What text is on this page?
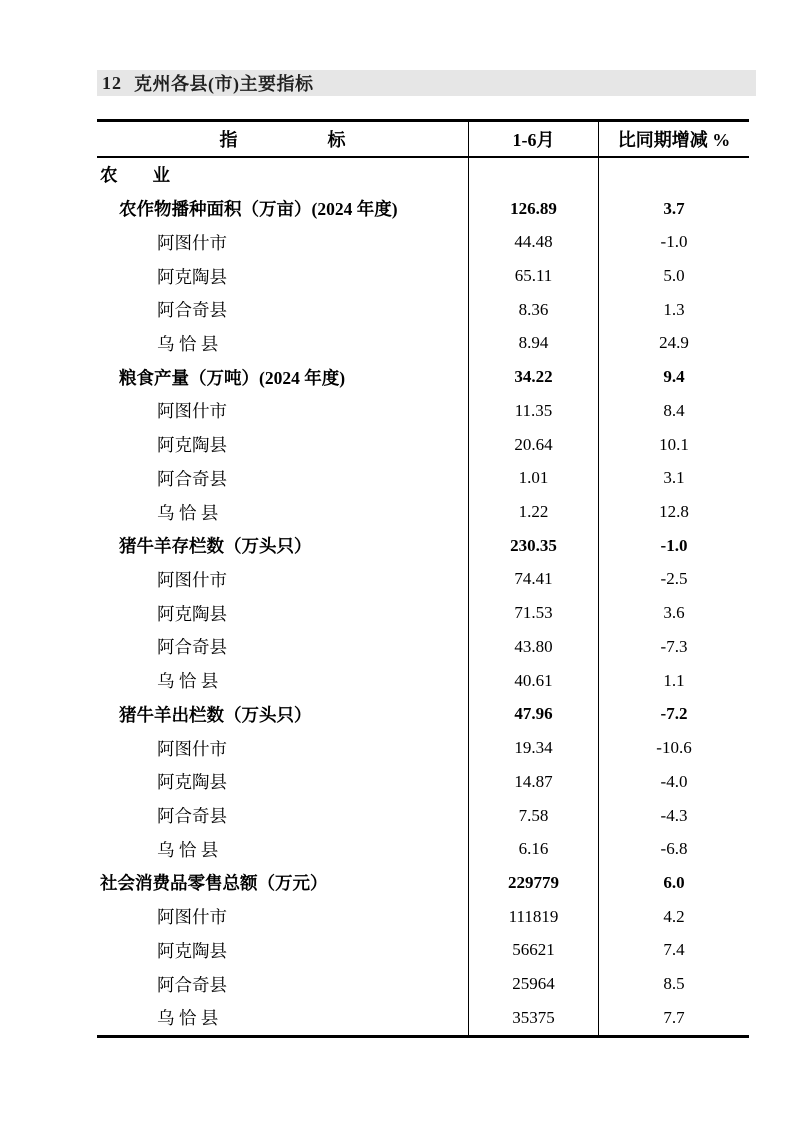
12 克州各县(市)主要指标
指　　　　　标	1-6月	比同期增减 %
农　　业
农作物播种面积（万亩）(2024 年度)	126.89	3.7
阿图什市	44.48	-1.0
阿克陶县	65.11	5.0
阿合奇县	8.36	1.3
乌 恰 县	8.94	24.9
粮食产量（万吨）(2024 年度)	34.22	9.4
阿图什市	11.35	8.4
阿克陶县	20.64	10.1
阿合奇县	1.01	3.1
乌 恰 县	1.22	12.8
猪牛羊存栏数（万头只）	230.35	-1.0
阿图什市	74.41	-2.5
阿克陶县	71.53	3.6
阿合奇县	43.80	-7.3
乌 恰 县	40.61	1.1
猪牛羊出栏数（万头只）	47.96	-7.2
阿图什市	19.34	-10.6
阿克陶县	14.87	-4.0
阿合奇县	7.58	-4.3
乌 恰 县	6.16	-6.8
社会消费品零售总额（万元）	229779	6.0
阿图什市	111819	4.2
阿克陶县	56621	7.4
阿合奇县	25964	8.5
乌 恰 县	35375	7.7
